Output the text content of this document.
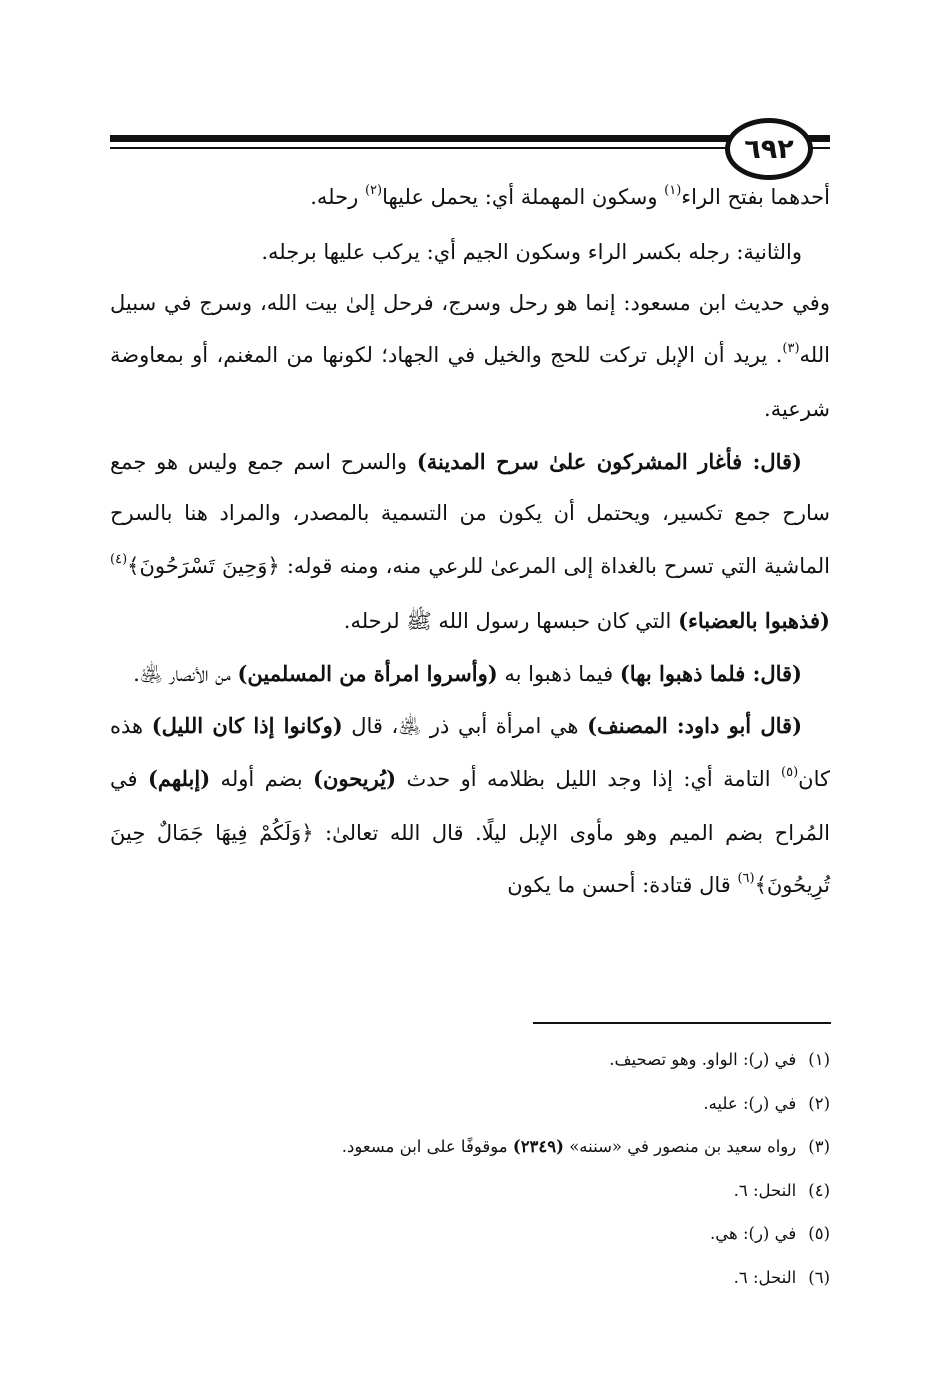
٦٩٢

أحدهما بفتح الراء$^{(١)}$ وسكون المهملة أي: يحمل عليها$^{(٢)}$ رحله.

والثانية: رجله بكسر الراء وسكون الجيم أي: يركب عليها برجله.

وفي حديث ابن مسعود: إنما هو رحل وسرج، فرحل إلىٰ بيت الله، وسرج في سبيل الله$^{(٣)}$. يريد أن الإبل تركت للحج والخيل في الجهاد؛ لكونها من المغنم، أو بمعاوضة شرعية.

(قال: فأغار المشركون علىٰ سرح المدينة) والسرح اسم جمع وليس هو جمع سارح جمع تكسير، ويحتمل أن يكون من التسمية بالمصدر، والمراد هنا بالسرح الماشية التي تسرح بالغداة إلى المرعىٰ للرعي منه، ومنه قوله: ﴿وَحِينَ تَسْرَحُونَ﴾$^{(٤)}$ (فذهبوا بالعضباء) التي كان حبسها رسول الله ﷺ لرحله.

(قال: فلما ذهبوا بها) فيما ذهبوا به (وأسروا امرأة من المسلمين) من الأنصار ﵁.

(قال أبو داود: المصنف) هي امرأة أبي ذر ﵁، قال (وكانوا إذا كان الليل) هذه كان$^{(٥)}$ التامة أي: إذا وجد الليل بظلامه أو حدث (يُريحون) بضم أوله (إبلهم) في المُراح بضم الميم وهو مأوى الإبل ليلًا. قال الله تعالىٰ: ﴿وَلَكُمْ فِيهَا جَمَالٌ حِينَ تُرِيحُونَ﴾$^{(٦)}$ قال قتادة: أحسن ما يكون

(١)
في (ر): الواو. وهو تصحيف.
(٢)
في (ر): عليه.
(٣)
رواه سعيد بن منصور في «سننه» (٢٣٤٩) موقوفًا على ابن مسعود.
(٤)
النحل: ٦.
(٥)
في (ر): هي.
(٦)
النحل: ٦.
